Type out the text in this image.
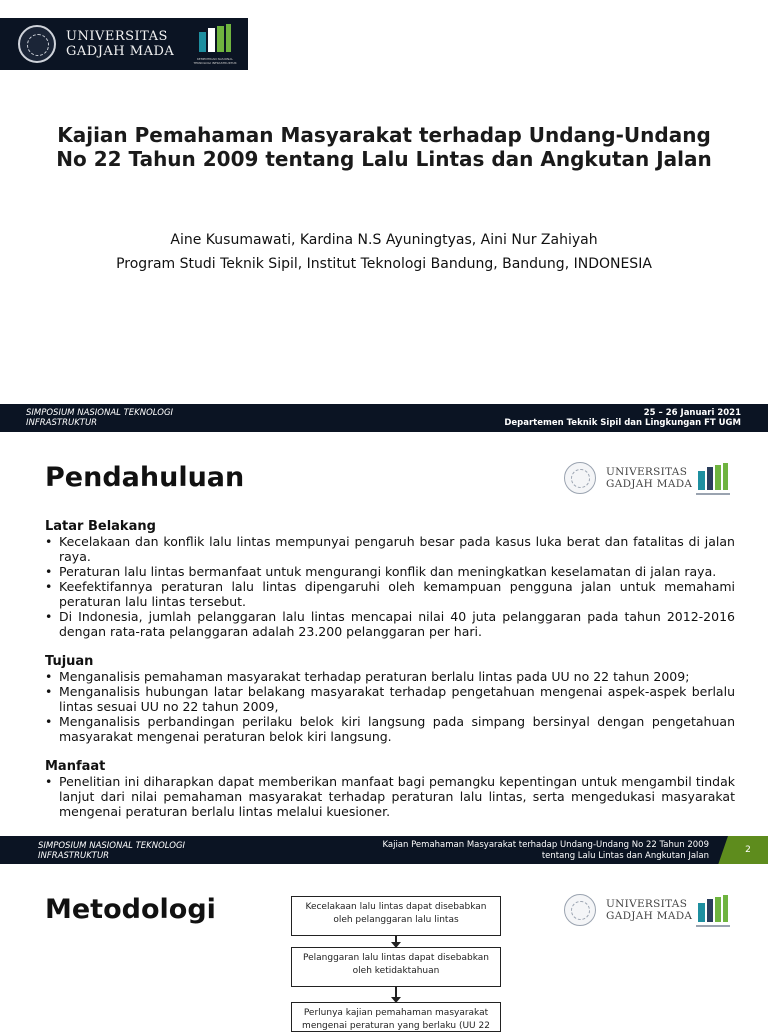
UNIVERSITAS
GADJAH MADA	KEMENTRIAN NASIONAL TEKNOLOGI INFRASTRUKTUR
Kajian Pemahaman Masyarakat terhadap Undang-Undang No 22 Tahun 2009 tentang Lalu Lintas dan Angkutan Jalan

Aine Kusumawati, Kardina N.S Ayuningtyas, Aini Nur Zahiyah

Program Studi Teknik Sipil, Institut Teknologi Bandung, Bandung, INDONESIA

SIMPOSIUM NASIONAL TEKNOLOGI INFRASTRUKTUR
25 – 26 Januari 2021
Departemen Teknik Sipil dan Lingkungan FT UGM
Pendahuluan	UNIVERSITAS
GADJAH MADA
Latar Belakang
• Kecelakaan dan konflik lalu lintas mempunyai pengaruh besar pada kasus luka berat dan fatalitas di jalan raya.
• Peraturan lalu lintas bermanfaat untuk mengurangi konflik dan meningkatkan keselamatan di jalan raya.
• Keefektifannya peraturan lalu lintas dipengaruhi oleh kemampuan pengguna jalan untuk memahami peraturan lalu lintas tersebut.
• Di Indonesia, jumlah pelanggaran lalu lintas mencapai nilai 40 juta pelanggaran pada tahun 2012-2016 dengan rata-rata pelanggaran adalah 23.200 pelanggaran per hari.
Tujuan
• Menganalisis pemahaman masyarakat terhadap peraturan berlalu lintas pada UU no 22 tahun 2009;
• Menganalisis hubungan latar belakang masyarakat terhadap pengetahuan mengenai aspek-aspek berlalu lintas sesuai UU no 22 tahun 2009,
• Menganalisis perbandingan perilaku belok kiri langsung pada simpang bersinyal dengan pengetahuan masyarakat mengenai peraturan belok kiri langsung.
Manfaat
• Penelitian ini diharapkan dapat memberikan manfaat bagi pemangku kepentingan untuk mengambil tindak lanjut dari nilai pemahaman masyarakat terhadap peraturan lalu lintas, serta mengedukasi masyarakat mengenai peraturan berlalu lintas melalui kuesioner.
SIMPOSIUM NASIONAL TEKNOLOGI INFRASTRUKTUR
Kajian Pemahaman Masyarakat terhadap Undang-Undang No 22 Tahun 2009 tentang Lalu Lintas dan Angkutan Jalan
2
Metodologi	UNIVERSITAS
GADJAH MADA
Kecelakaan lalu lintas dapat disebabkan oleh pelanggaran lalu lintas
Pelanggaran lalu lintas dapat disebabkan oleh ketidaktahuan
Perlunya kajian pemahaman masyarakat mengenai peraturan yang berlaku (UU 22
